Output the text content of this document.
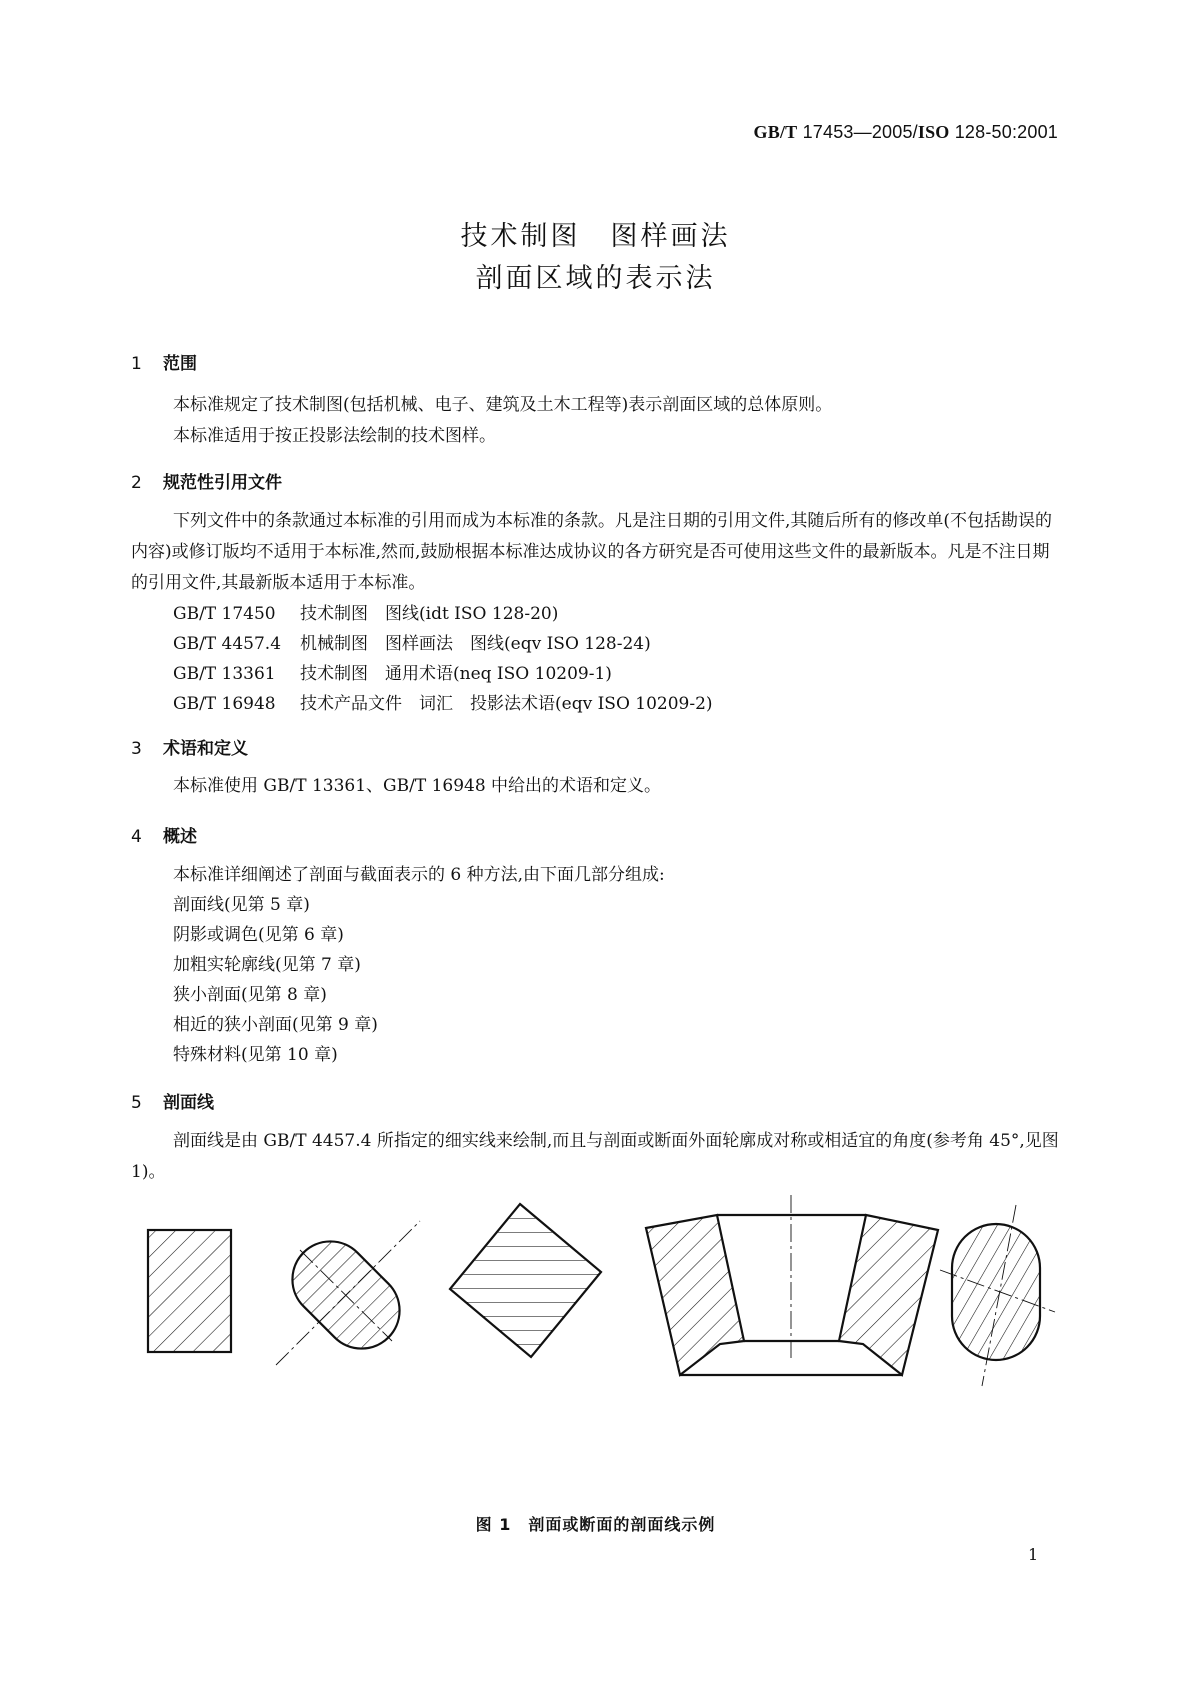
GB/T 17453—2005/ISO 128-50:2001
技术制图　图样画法
剖面区域的表示法
1 范围
本标准规定了技术制图(包括机械、电子、建筑及土木工程等)表示剖面区域的总体原则。
本标准适用于按正投影法绘制的技术图样。
2 规范性引用文件
下列文件中的条款通过本标准的引用而成为本标准的条款。凡是注日期的引用文件,其随后所有的修改单(不包括勘误的内容)或修订版均不适用于本标准,然而,鼓励根据本标准达成协议的各方研究是否可使用这些文件的最新版本。凡是不注日期的引用文件,其最新版本适用于本标准。
GB/T 17450 技术制图　图线(idt ISO 128-20)
GB/T 4457.4 机械制图　图样画法　图线(eqv ISO 128-24)
GB/T 13361 技术制图　通用术语(neq ISO 10209-1)
GB/T 16948 技术产品文件　词汇　投影法术语(eqv ISO 10209-2)
3 术语和定义
本标准使用 GB/T 13361、GB/T 16948 中给出的术语和定义。
4 概述
本标准详细阐述了剖面与截面表示的 6 种方法,由下面几部分组成:
剖面线(见第 5 章)
阴影或调色(见第 6 章)
加粗实轮廓线(见第 7 章)
狭小剖面(见第 8 章)
相近的狭小剖面(见第 9 章)
特殊材料(见第 10 章)
5 剖面线
剖面线是由 GB/T 4457.4 所指定的细实线来绘制,而且与剖面或断面外面轮廓成对称或相适宜的角度(参考角 45°,见图 1)。
图 1　剖面或断面的剖面线示例
1
